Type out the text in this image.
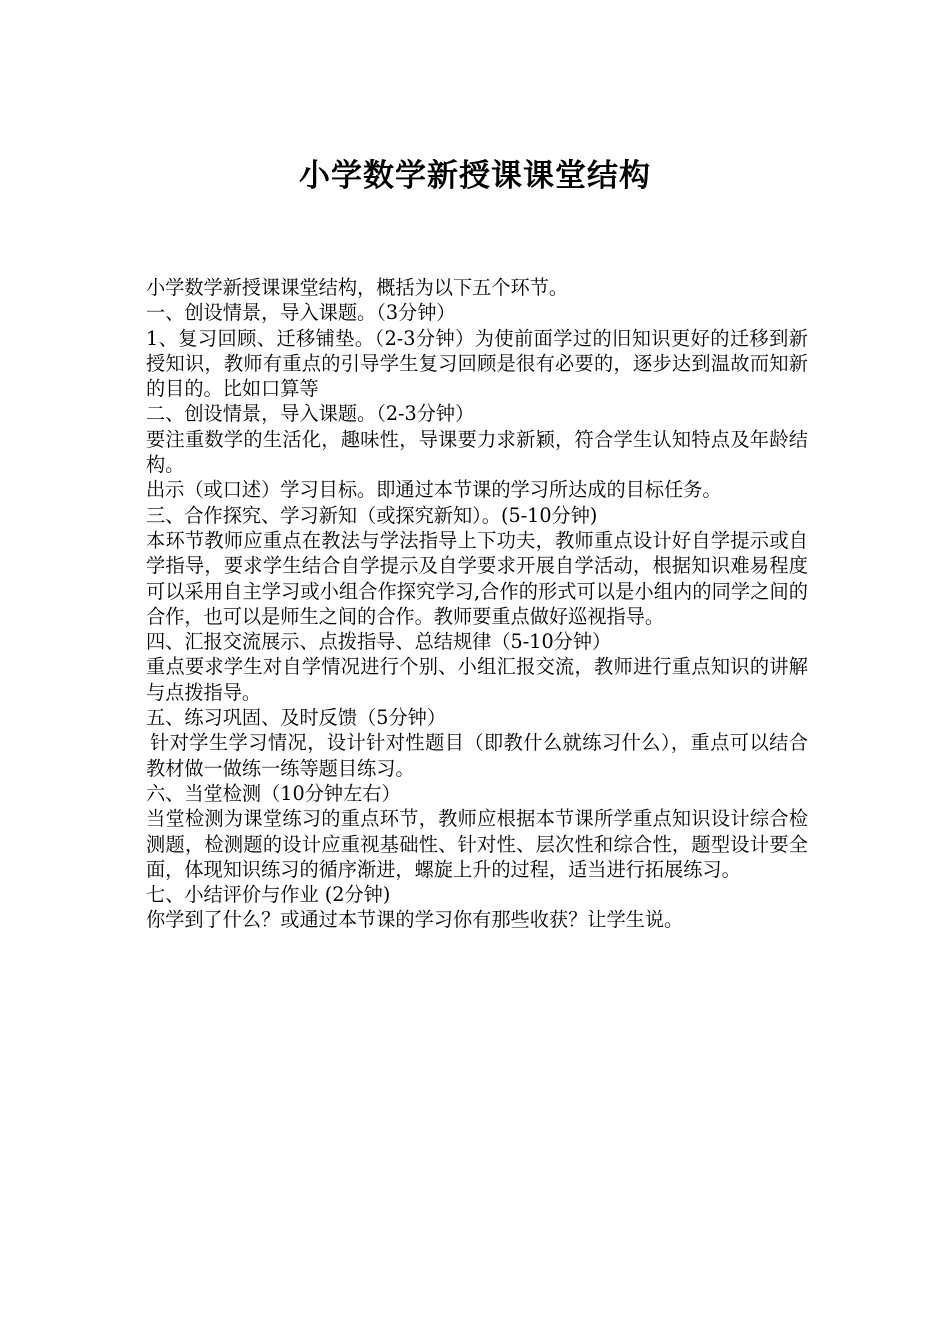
小学数学新授课课堂结构

小学数学新授课课堂结构，概括为以下五个环节。

一、创设情景，导入课题。（3分钟）

1、复习回顾、迁移铺垫。（2-3分钟）为使前面学过的旧知识更好的迁移到新授知识，教师有重点的引导学生复习回顾是很有必要的，逐步达到温故而知新的目的。比如口算等

二、创设情景，导入课题。（2-3分钟）

要注重数学的生活化，趣味性，导课要力求新颖，符合学生认知特点及年龄结构。

出示（或口述）学习目标。即通过本节课的学习所达成的目标任务。

三、合作探究、学习新知（或探究新知）。(5-10分钟)

本环节教师应重点在教法与学法指导上下功夫，教师重点设计好自学提示或自学指导，要求学生结合自学提示及自学要求开展自学活动，根据知识难易程度可以采用自主学习或小组合作探究学习,合作的形式可以是小组内的同学之间的合作，也可以是师生之间的合作。教师要重点做好巡视指导。

四、汇报交流展示、点拨指导、总结规律（5-10分钟）

重点要求学生对自学情况进行个别、小组汇报交流，教师进行重点知识的讲解与点拨指导。

五、练习巩固、及时反馈（5分钟）

针对学生学习情况，设计针对性题目（即教什么就练习什么），重点可以结合教材做一做练一练等题目练习。

六、当堂检测（10分钟左右）

当堂检测为课堂练习的重点环节，教师应根据本节课所学重点知识设计综合检测题，检测题的设计应重视基础性、针对性、层次性和综合性，题型设计要全面，体现知识练习的循序渐进，螺旋上升的过程，适当进行拓展练习。

七、小结评价与作业 (2分钟)

你学到了什么？或通过本节课的学习你有那些收获？让学生说。
